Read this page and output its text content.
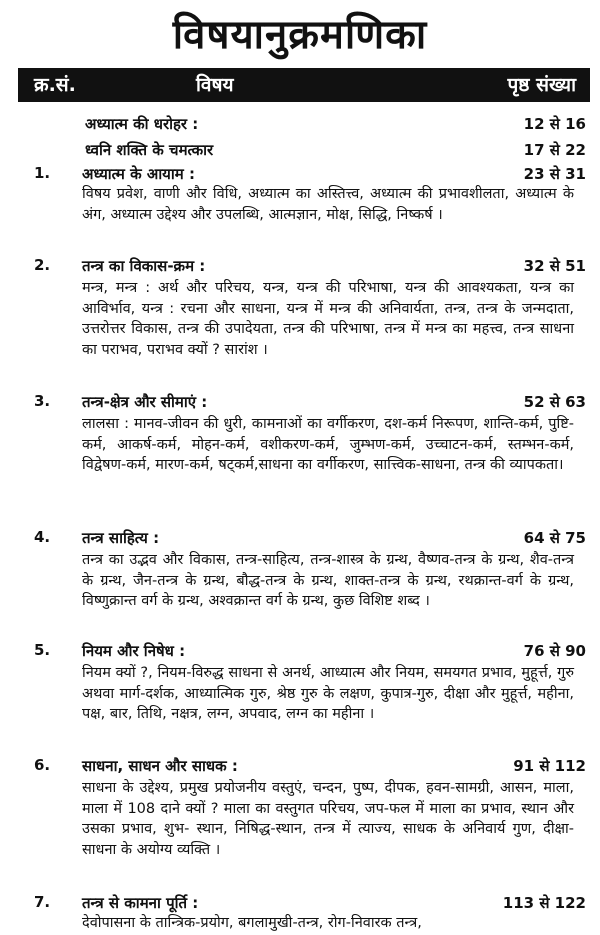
विषयानुक्रमणिका
क्र.सं.	विषय	पृष्ठ संख्या
अध्यात्म की धरोहर :	12 से 16
ध्वनि शक्ति के चमत्कार	17 से 22
1. अध्यात्म के आयाम :	23 से 31
विषय प्रवेश, वाणी और विधि, अध्यात्म का अस्तित्त्व, अध्यात्म की प्रभावशीलता, अध्यात्म के अंग, अध्यात्म उद्देश्य और उपलब्धि, आत्मज्ञान, मोक्ष, सिद्धि, निष्कर्ष ।
2. तन्त्र का विकास-क्रम :	32 से 51
मन्त्र, मन्त्र : अर्थ और परिचय, यन्त्र, यन्त्र की परिभाषा, यन्त्र की आवश्यकता, यन्त्र का आविर्भाव, यन्त्र : रचना और साधना, यन्त्र में मन्त्र की अनिवार्यता, तन्त्र, तन्त्र के जन्मदाता, उत्तरोत्तर विकास, तन्त्र की उपादेयता, तन्त्र की परिभाषा, तन्त्र में मन्त्र का महत्त्व, तन्त्र साधना का पराभव, पराभव क्यों ? सारांश ।
3. तन्त्र-क्षेत्र और सीमाएं :	52 से 63
लालसा : मानव-जीवन की धुरी, कामनाओं का वर्गीकरण, दश-कर्म निरूपण, शान्ति-कर्म, पुष्टि- कर्म, आकर्ष-कर्म, मोहन-कर्म, वशीकरण-कर्म, जुम्भण-कर्म, उच्चाटन-कर्म, स्तम्भन-कर्म, विद्वेषण-कर्म, मारण-कर्म, षट्कर्म,साधना का वर्गीकरण, सात्त्विक-साधना, तन्त्र की व्यापकता।
4. तन्त्र साहित्य :	64 से 75
तन्त्र का उद्भव और विकास, तन्त्र-साहित्य, तन्त्र-शास्त्र के ग्रन्थ, वैष्णव-तन्त्र के ग्रन्थ, शैव-तन्त्र के ग्रन्थ, जैन-तन्त्र के ग्रन्थ, बौद्ध-तन्त्र के ग्रन्थ, शाक्त-तन्त्र के ग्रन्थ, रथक्रान्त-वर्ग के ग्रन्थ, विष्णुक्रान्त वर्ग के ग्रन्थ, अश्वक्रान्त वर्ग के ग्रन्थ, कुछ विशिष्ट शब्द ।
5. नियम और निषेध :	76 से 90
नियम क्यों ?, नियम-विरुद्ध साधना से अनर्थ, आध्यात्म और नियम, समयगत प्रभाव, मुहूर्त्त, गुरु अथवा मार्ग-दर्शक, आध्यात्मिक गुरु, श्रेष्ठ गुरु के लक्षण, कुपात्र-गुरु, दीक्षा और मुहूर्त्त, महीना, पक्ष, बार, तिथि, नक्षत्र, लग्न, अपवाद, लग्न का महीना ।
6. साधना, साधन और साधक :	91 से 112
साधना के उद्देश्य, प्रमुख प्रयोजनीय वस्तुएं, चन्दन, पुष्प, दीपक, हवन-सामग्री, आसन, माला, माला में 108 दाने क्यों ? माला का वस्तुगत परिचय, जप-फल में माला का प्रभाव, स्थान और उसका प्रभाव, शुभ- स्थान, निषिद्ध-स्थान, तन्त्र में त्याज्य, साधक के अनिवार्य गुण, दीक्षा-साधना के अयोग्य व्यक्ति ।
7. तन्त्र से कामना पूर्ति :	113 से 122
देवोपासना के तान्त्रिक-प्रयोग, बगलामुखी-तन्त्र, रोग-निवारक तन्त्र,
